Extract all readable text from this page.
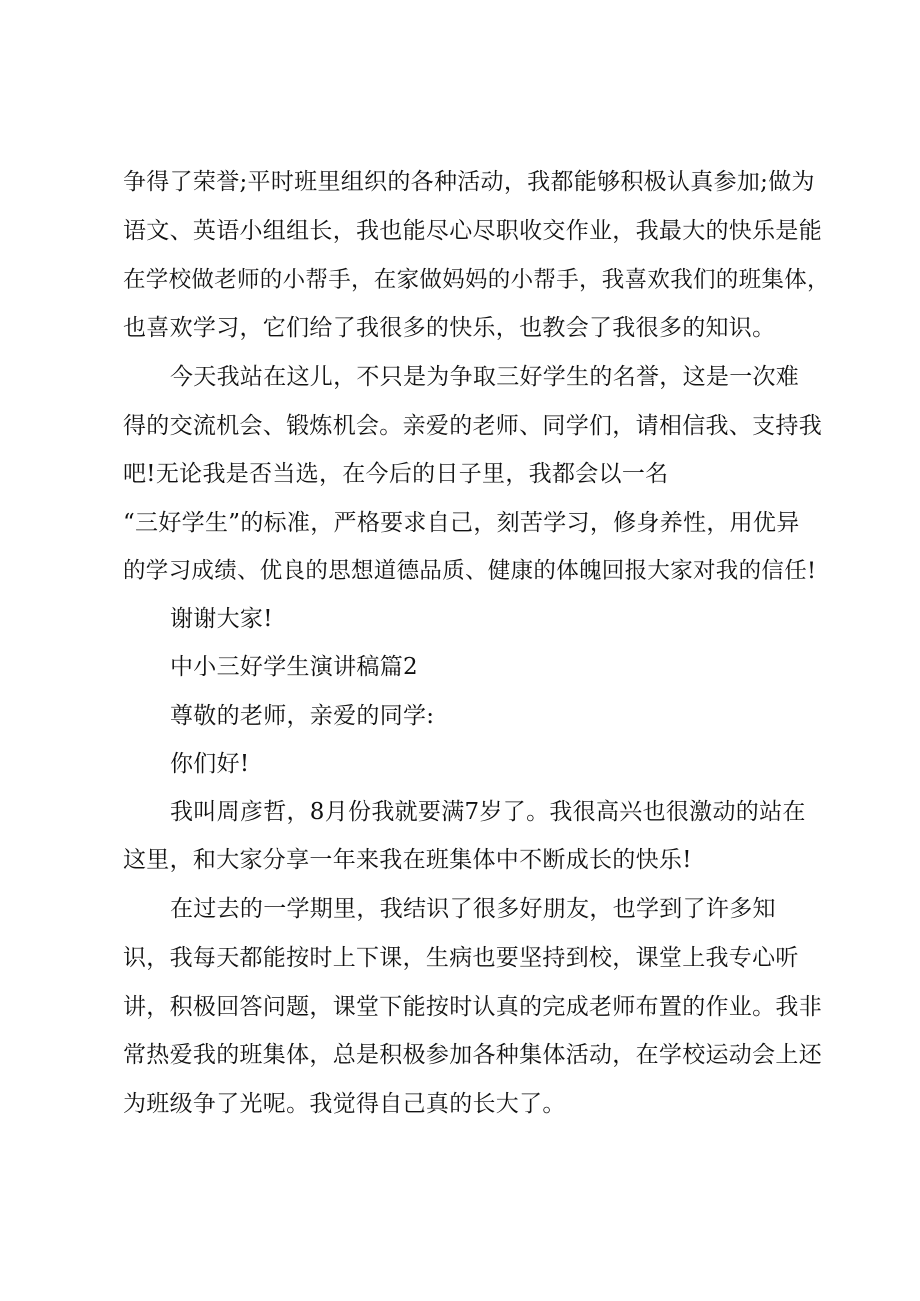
争得了荣誉;平时班里组织的各种活动，我都能够积极认真参加;做为
语文、英语小组组长，我也能尽心尽职收交作业，我最大的快乐是能
在学校做老师的小帮手，在家做妈妈的小帮手，我喜欢我们的班集体，
也喜欢学习，它们给了我很多的快乐，也教会了我很多的知识。
今天我站在这儿，不只是为争取三好学生的名誉，这是一次难
得的交流机会、锻炼机会。亲爱的老师、同学们，请相信我、支持我
吧!无论我是否当选，在今后的日子里，我都会以一名
“三好学生”的标准，严格要求自己，刻苦学习，修身养性，用优异
的学习成绩、优良的思想道德品质、健康的体魄回报大家对我的信任!
谢谢大家!
中小三好学生演讲稿篇2
尊敬的老师，亲爱的同学:
你们好!
我叫周彦哲，8月份我就要满7岁了。我很高兴也很激动的站在
这里，和大家分享一年来我在班集体中不断成长的快乐!
在过去的一学期里，我结识了很多好朋友，也学到了许多知
识，我每天都能按时上下课，生病也要坚持到校，课堂上我专心听
讲，积极回答问题，课堂下能按时认真的完成老师布置的作业。我非
常热爱我的班集体，总是积极参加各种集体活动，在学校运动会上还
为班级争了光呢。我觉得自己真的长大了。
